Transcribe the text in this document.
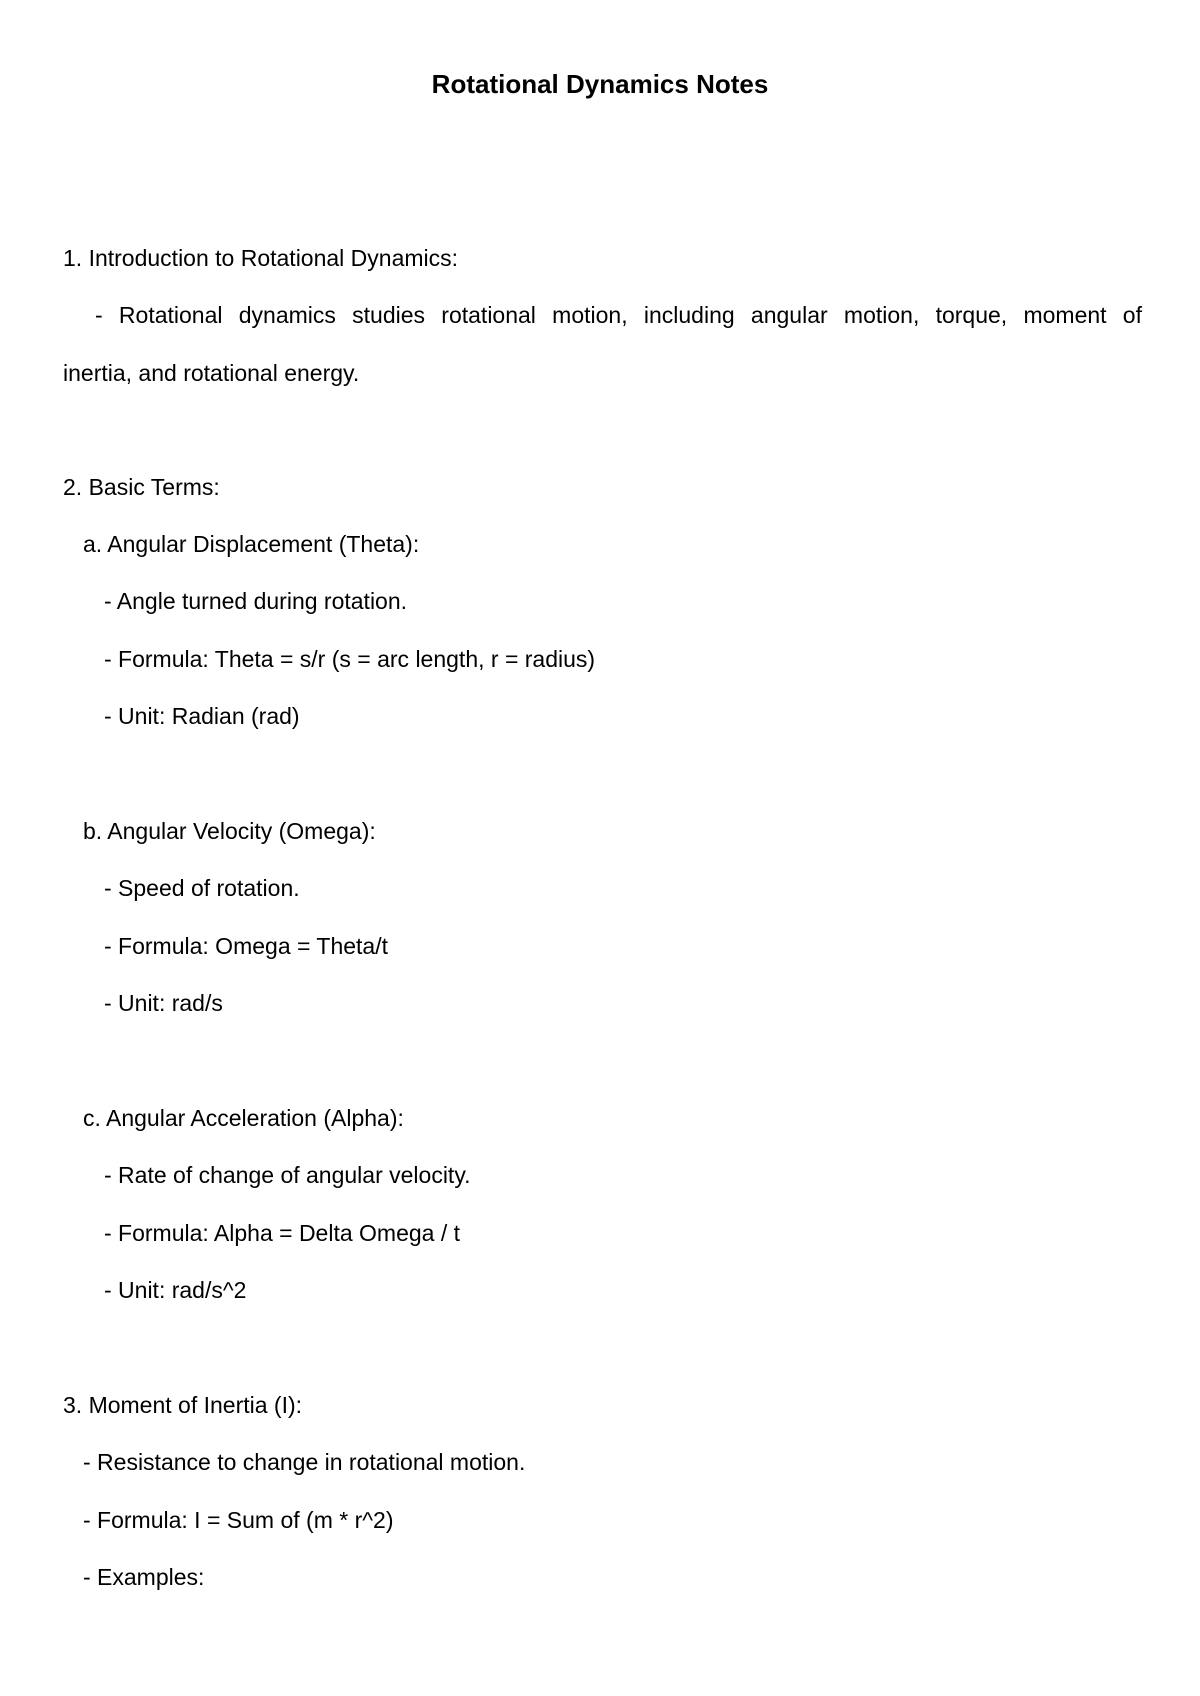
Rotational Dynamics Notes
1. Introduction to Rotational Dynamics:
- Rotational dynamics studies rotational motion, including angular motion, torque, moment of
inertia, and rotational energy.
2. Basic Terms:
a. Angular Displacement (Theta):
- Angle turned during rotation.
- Formula: Theta = s/r (s = arc length, r = radius)
- Unit: Radian (rad)
b. Angular Velocity (Omega):
- Speed of rotation.
- Formula: Omega = Theta/t
- Unit: rad/s
c. Angular Acceleration (Alpha):
- Rate of change of angular velocity.
- Formula: Alpha = Delta Omega / t
- Unit: rad/s^2
3. Moment of Inertia (I):
- Resistance to change in rotational motion.
- Formula: I = Sum of (m * r^2)
- Examples:
